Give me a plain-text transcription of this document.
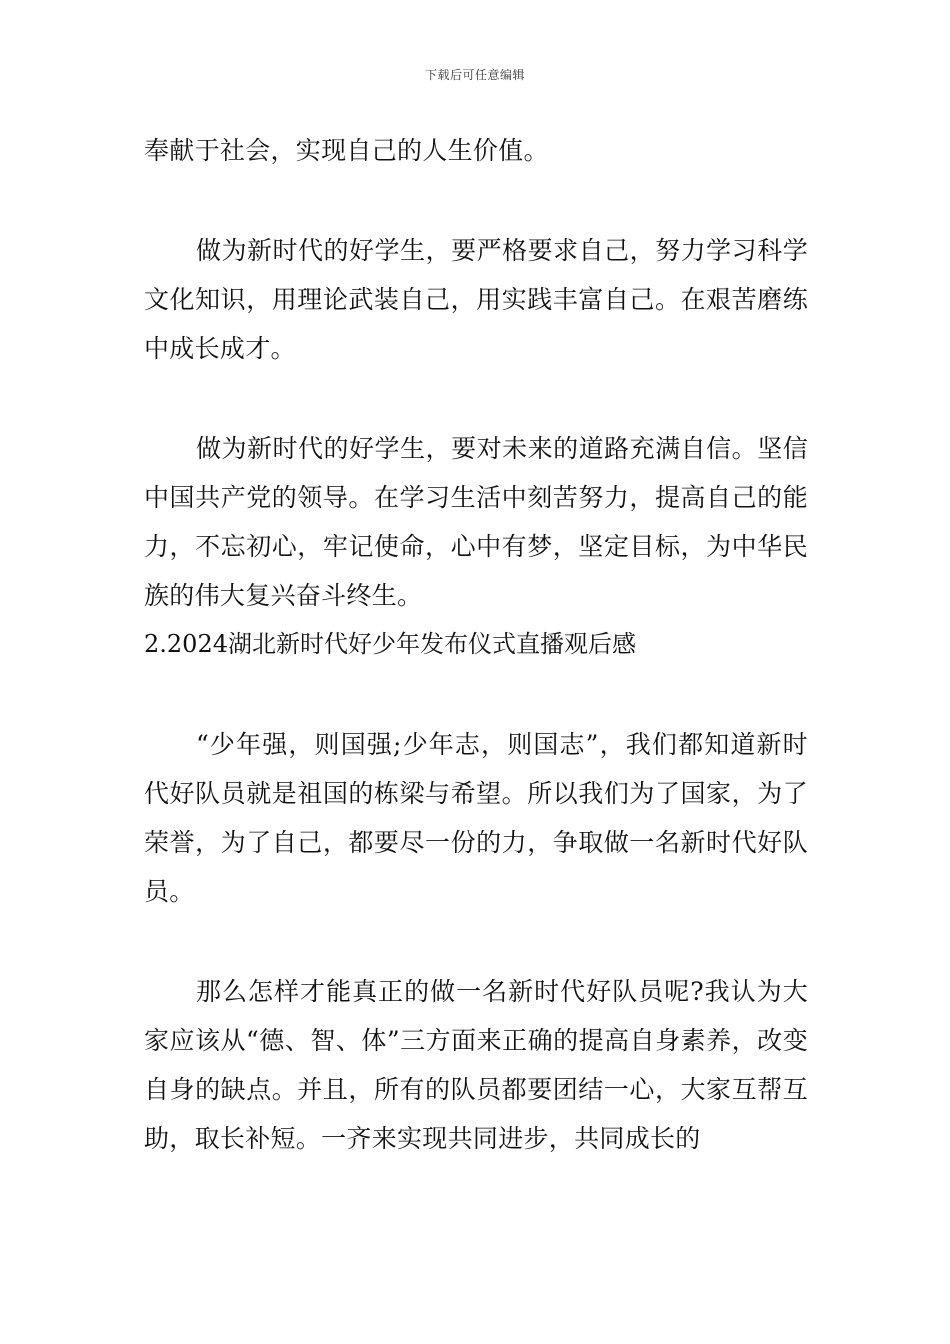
下载后可任意编辑

奉献于社会，实现自己的人生价值。

做为新时代的好学生，要严格要求自己，努力学习科学文化知识，用理论武装自己，用实践丰富自己。在艰苦磨练中成长成才。

做为新时代的好学生，要对未来的道路充满自信。坚信中国共产党的领导。在学习生活中刻苦努力，提高自己的能力，不忘初心，牢记使命，心中有梦，坚定目标，为中华民族的伟大复兴奋斗终生。

2.2024湖北新时代好少年发布仪式直播观后感

“少年强，则国强;少年志，则国志”，我们都知道新时代好队员就是祖国的栋梁与希望。所以我们为了国家，为了荣誉，为了自己，都要尽一份的力，争取做一名新时代好队员。

那么怎样才能真正的做一名新时代好队员呢?我认为大家应该从“德、智、体”三方面来正确的提高自身素养，改变自身的缺点。并且，所有的队员都要团结一心，大家互帮互助，取长补短。一齐来实现共同进步，共同成长的
